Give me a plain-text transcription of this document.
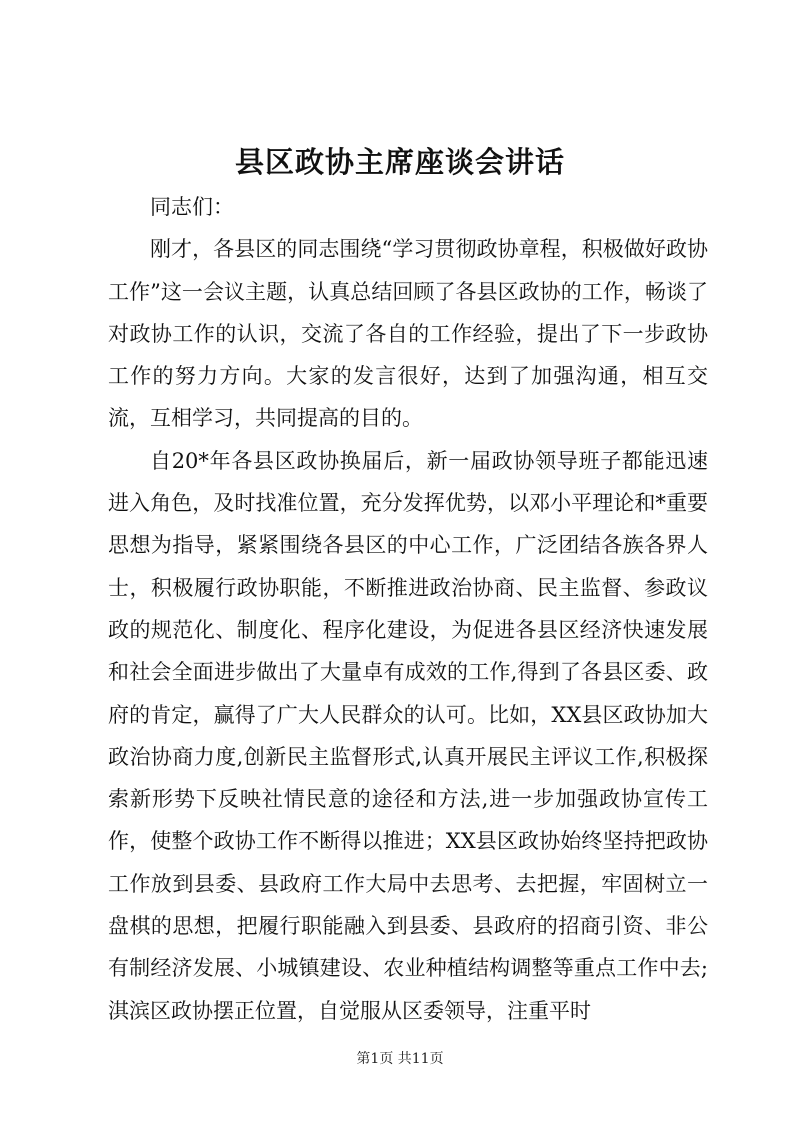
县区政协主席座谈会讲话

同志们：

刚才，各县区的同志围绕“学习贯彻政协章程，积极做好政协工作”这一会议主题，认真总结回顾了各县区政协的工作，畅谈了对政协工作的认识，交流了各自的工作经验，提出了下一步政协工作的努力方向。大家的发言很好，达到了加强沟通，相互交流，互相学习，共同提高的目的。

自20*年各县区政协换届后，新一届政协领导班子都能迅速进入角色，及时找准位置，充分发挥优势，以邓小平理论和*重要思想为指导，紧紧围绕各县区的中心工作，广泛团结各族各界人士，积极履行政协职能，不断推进政治协商、民主监督、参政议政的规范化、制度化、程序化建设，为促进各县区经济快速发展和社会全面进步做出了大量卓有成效的工作,得到了各县区委、政府的肯定，赢得了广大人民群众的认可。比如，XX县区政协加大政治协商力度,创新民主监督形式,认真开展民主评议工作,积极探索新形势下反映社情民意的途径和方法,进一步加强政协宣传工作，使整个政协工作不断得以推进；XX县区政协始终坚持把政协工作放到县委、县政府工作大局中去思考、去把握，牢固树立一盘棋的思想，把履行职能融入到县委、县政府的招商引资、非公有制经济发展、小城镇建设、农业种植结构调整等重点工作中去;淇滨区政协摆正位置，自觉服从区委领导，注重平时

第1页 共11页
